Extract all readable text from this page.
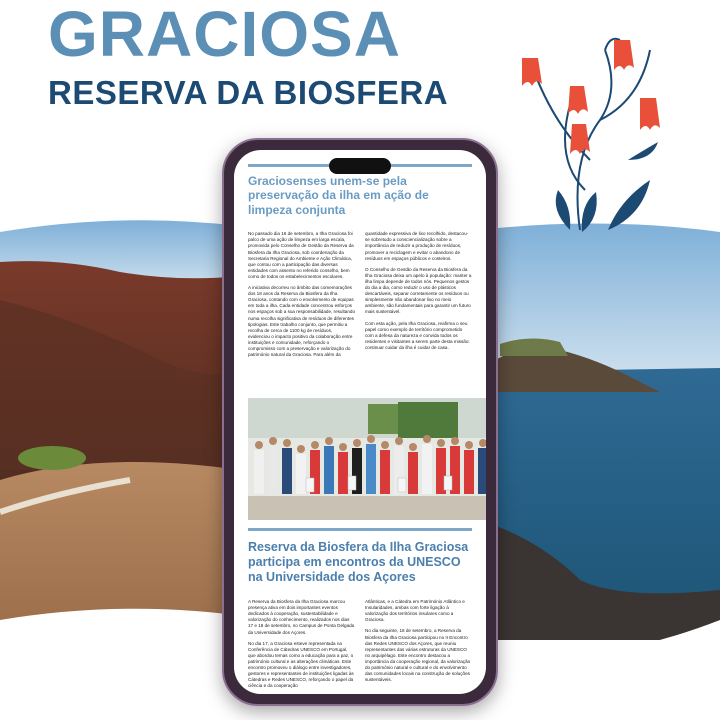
GRACIOSA
RESERVA DA BIOSFERA
Graciosenses unem-se pela preservação da ilha em ação de limpeza conjunta

No passado dia 16 de setembro, a Ilha Graciosa foi palco de uma ação de limpeza em larga escala, promovida pelo Conselho de Gestão da Reserva da Biosfera da Ilha Graciosa, sob coordenação da Secretaria Regional do Ambiente e Ação Climática, que contou com a participação das diversas entidades com assento no referido conselho, bem como de todos os estabelecimentos escolares.

A iniciativa decorreu no âmbito das comemorações dos 18 anos da Reserva da Biosfera da Ilha Graciosa, contando com o envolvimento de equipas em toda a ilha. Cada entidade concentrou esforços nos espaços sob a sua responsabilidade, resultando numa recolha significativa de resíduos de diferentes tipologias. Este trabalho conjunto, que permitiu a recolha de cerca de 1100 kg de resíduos, evidenciou o impacto positivo da colaboração entre instituições e comunidade, reforçando o compromisso com a preservação e valorização do património natural da Graciosa. Para além da

quantidade expressiva de lixo recolhido, destacou-se sobretudo a consciencialização sobre a importância de reduzir a produção de resíduos, promover a reciclagem e evitar o abandono de resíduos em espaços públicos e costeiros.

O Conselho de Gestão da Reserva da Biosfera da Ilha Graciosa deixa um apelo à população: manter a ilha limpa depende de todos nós. Pequenos gestos do dia a dia, como reduzir o uso de plásticos descartáveis, separar corretamente os resíduos ou simplesmente não abandonar lixo no meio ambiente, são fundamentais para garantir um futuro mais sustentável.

Com esta ação, pela Ilha Graciosa, reafirma o seu papel como exemplo de território comprometido com a defesa da natureza e convida todos os residentes e visitantes a serem parte desta missão: continuar cuidar da ilha é cuidar de casa.

Reserva da Biosfera da Ilha Graciosa participa em encontros da UNESCO na Universidade dos Açores

A Reserva da Biosfera da Ilha Graciosa marcou presença ativa em dois importantes eventos dedicados à cooperação, sustentabilidade e valorização do conhecimento, realizados nos dias 17 e 18 de setembro, no Campus de Ponta Delgada da Universidade dos Açores.

No dia 17, a Graciosa esteve representada na Conferência de Cátedras UNESCO em Portugal, que abordou temas como a educação para a paz, o património cultural e as alterações climáticas. Este encontro promoveu o diálogo entre investigadores, gestores e representantes de instituições ligadas às Cátedras e Redes UNESCO, reforçando o papel da ciência e da cooperação

Atlânticas, e a Cátedra em Património Atlântico e Insularidades, ambas com forte ligação à valorização dos territórios insulares como a Graciosa.

No dia seguinte, 18 de setembro, a Reserva da Biosfera da Ilha Graciosa participou no II Encontro das Redes UNESCO dos Açores, que reuniu representantes das várias estruturas da UNESCO no arquipélago. Este encontro destacou a importância da cooperação regional, da valorização do património natural e cultural e do envolvimento das comunidades locais na construção de soluções sustentáveis.
